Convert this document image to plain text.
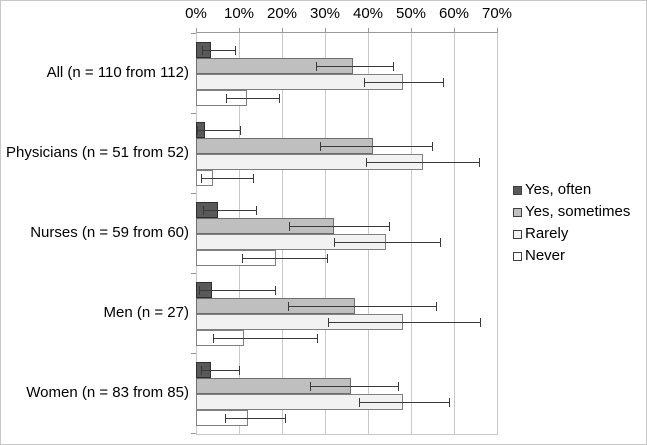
0%	10% 20% 30% 40% 50% 60% 70%
All (n = 110 from 112)
Physicians (n = 51 from 52)
Nurses (n = 59 from 60)
Men (n = 27)
Women (n = 83 from 85)
Yes, often
Yes, sometimes
Rarely
Never
